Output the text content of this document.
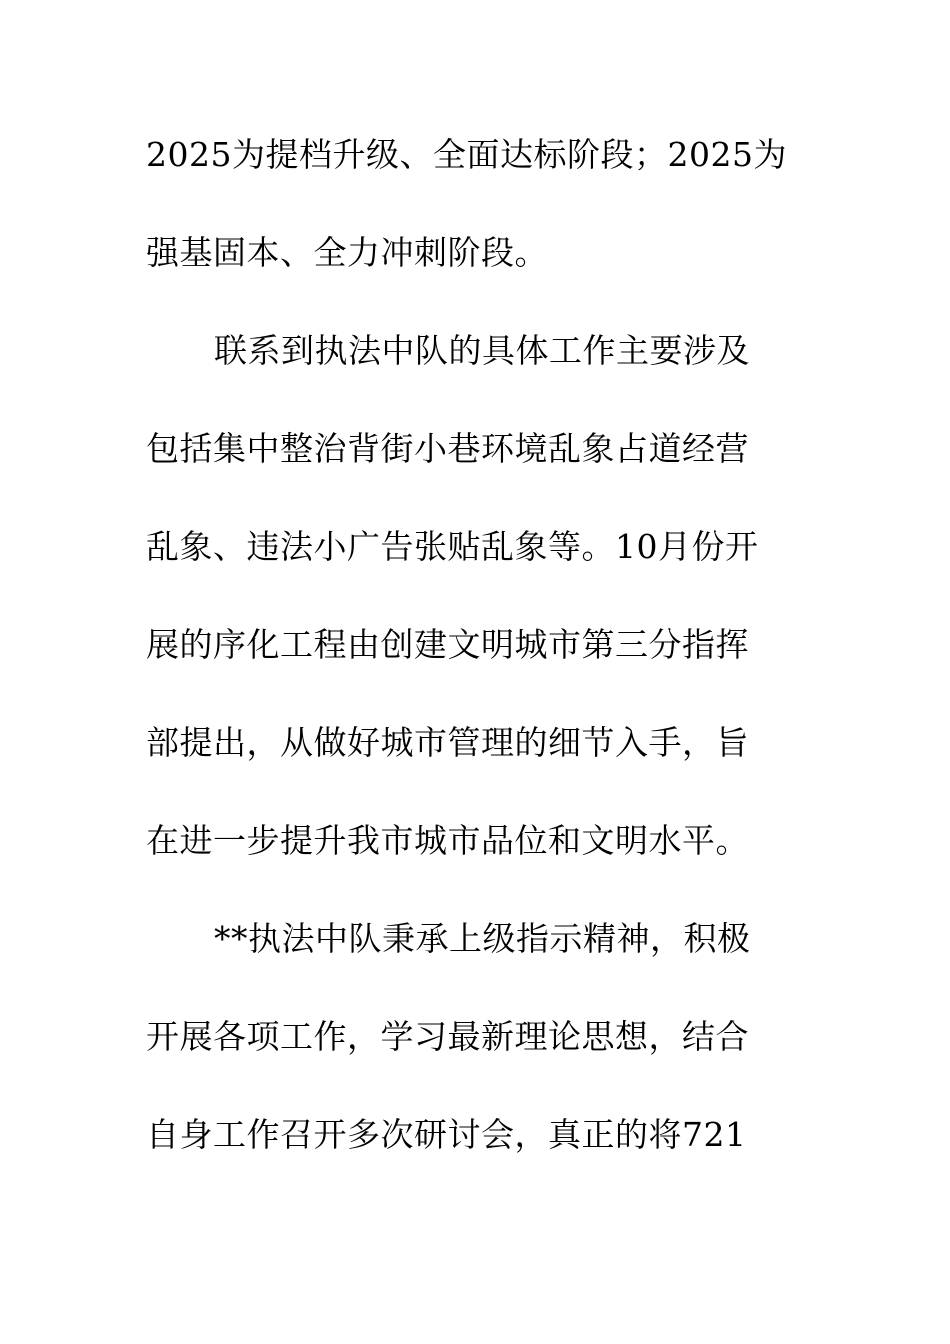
2025为提档升级、全面达标阶段；2025为
强基固本、全力冲刺阶段。
联系到执法中队的具体工作主要涉及
包括集中整治背街小巷环境乱象占道经营
乱象、违法小广告张贴乱象等。10月份开
展的序化工程由创建文明城市第三分指挥
部提出，从做好城市管理的细节入手，旨
在进一步提升我市城市品位和文明水平。
**执法中队秉承上级指示精神，积极
开展各项工作，学习最新理论思想，结合
自身工作召开多次研讨会，真正的将721
